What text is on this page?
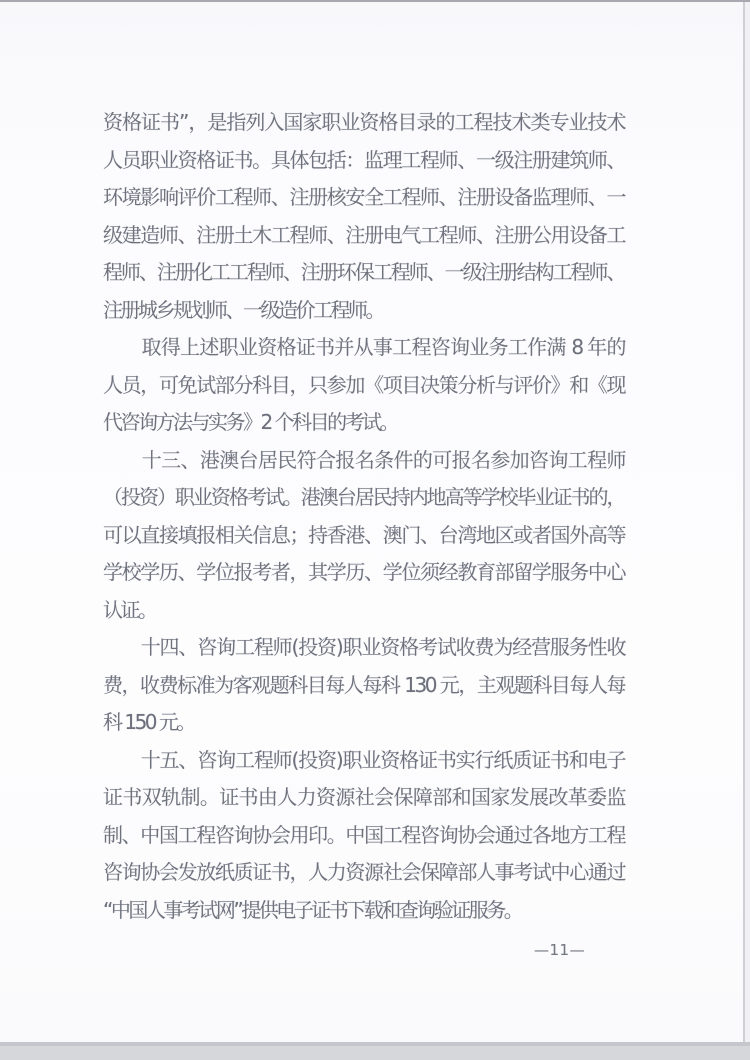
资格证书”，是指列入国家职业资格目录的工程技术类专业技术
人员职业资格证书。具体包括：监理工程师、一级注册建筑师、
环境影响评价工程师、注册核安全工程师、注册设备监理师、一
级建造师、注册土木工程师、注册电气工程师、注册公用设备工
程师、注册化工工程师、注册环保工程师、一级注册结构工程师、
注册城乡规划师、一级造价工程师。
　　取得上述职业资格证书并从事工程咨询业务工作满 8 年的
人员，可免试部分科目，只参加《项目决策分析与评价》和《现
代咨询方法与实务》2 个科目的考试。
　　十三、港澳台居民符合报名条件的可报名参加咨询工程师
（投资）职业资格考试。港澳台居民持内地高等学校毕业证书的，
可以直接填报相关信息；持香港、澳门、台湾地区或者国外高等
学校学历、学位报考者，其学历、学位须经教育部留学服务中心
认证。
　　十四、咨询工程师(投资)职业资格考试收费为经营服务性收
费，收费标准为客观题科目每人每科 130 元，主观题科目每人每
科 150 元。
　　十五、咨询工程师(投资)职业资格证书实行纸质证书和电子
证书双轨制。证书由人力资源社会保障部和国家发展改革委监
制、中国工程咨询协会用印。中国工程咨询协会通过各地方工程
咨询协会发放纸质证书，人力资源社会保障部人事考试中心通过
“中国人事考试网”提供电子证书下载和查询验证服务。
—11—
